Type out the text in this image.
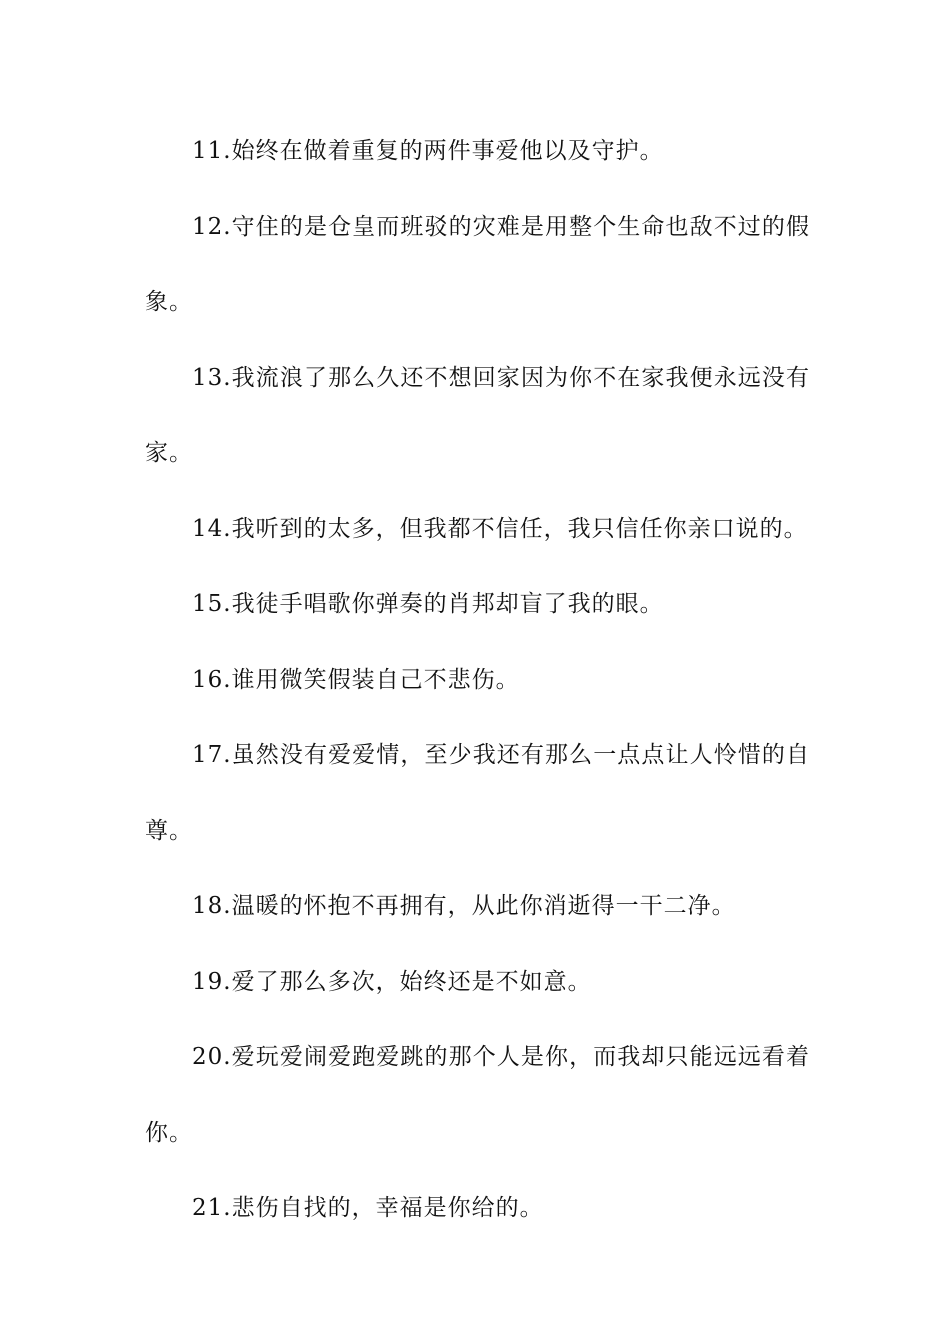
11.始终在做着重复的两件事爱他以及守护。

12.守住的是仓皇而班驳的灾难是用整个生命也敌不过的假象。

13.我流浪了那么久还不想回家因为你不在家我便永远没有家。

14.我听到的太多，但我都不信任，我只信任你亲口说的。

15.我徒手唱歌你弹奏的肖邦却盲了我的眼。

16.谁用微笑假装自己不悲伤。

17.虽然没有爱爱情，至少我还有那么一点点让人怜惜的自尊。

18.温暖的怀抱不再拥有，从此你消逝得一干二净。

19.爱了那么多次，始终还是不如意。

20.爱玩爱闹爱跑爱跳的那个人是你，而我却只能远远看着你。

21.悲伤自找的，幸福是你给的。
